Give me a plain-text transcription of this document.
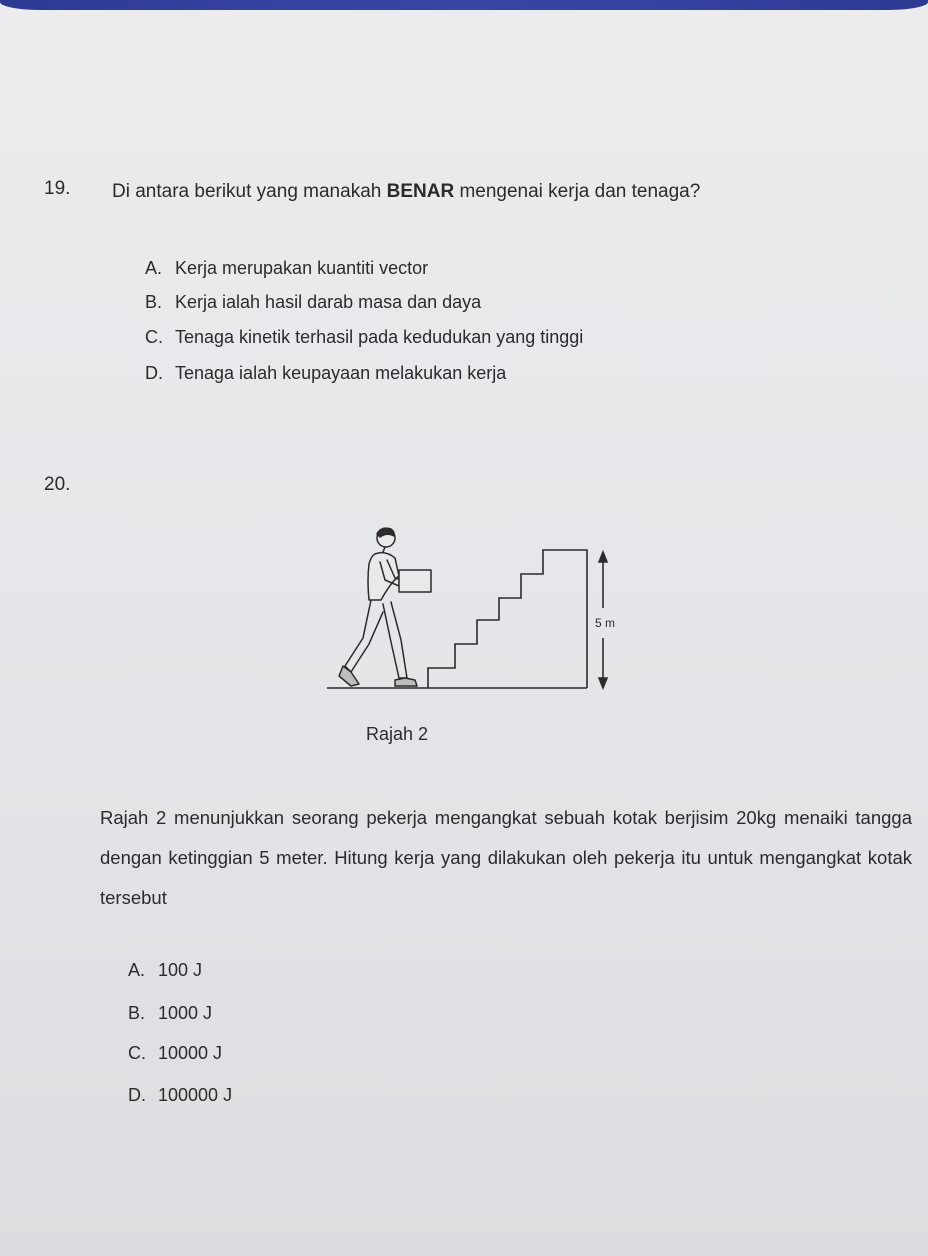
19. Di antara berikut yang manakah BENAR mengenai kerja dan tenaga?
A. Kerja merupakan kuantiti vector
B. Kerja ialah hasil darab masa dan daya
C. Tenaga kinetik terhasil pada kedudukan yang tinggi
D. Tenaga ialah keupayaan melakukan kerja
20.
5 m
Rajah 2
Rajah 2 menunjukkan seorang pekerja mengangkat sebuah kotak berjisim 20kg menaiki tangga dengan ketinggian 5 meter. Hitung kerja yang dilakukan oleh pekerja itu untuk mengangkat kotak tersebut
A. 100 J
B. 1000 J
C. 10000 J
D. 100000 J
